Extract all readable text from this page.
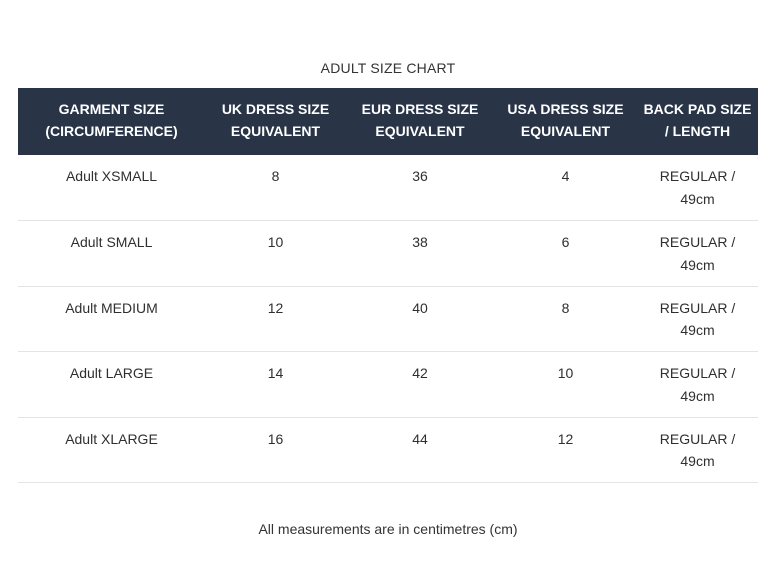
ADULT SIZE CHART
GARMENT SIZE (CIRCUMFERENCE)	UK DRESS SIZE EQUIVALENT	EUR DRESS SIZE EQUIVALENT	USA DRESS SIZE EQUIVALENT	BACK PAD SIZE / LENGTH
Adult XSMALL	8	36	4	REGULAR / 49cm
Adult SMALL	10	38	6	REGULAR / 49cm
Adult MEDIUM	12	40	8	REGULAR / 49cm
Adult LARGE	14	42	10	REGULAR / 49cm
Adult XLARGE	16	44	12	REGULAR / 49cm
All measurements are in centimetres (cm)
